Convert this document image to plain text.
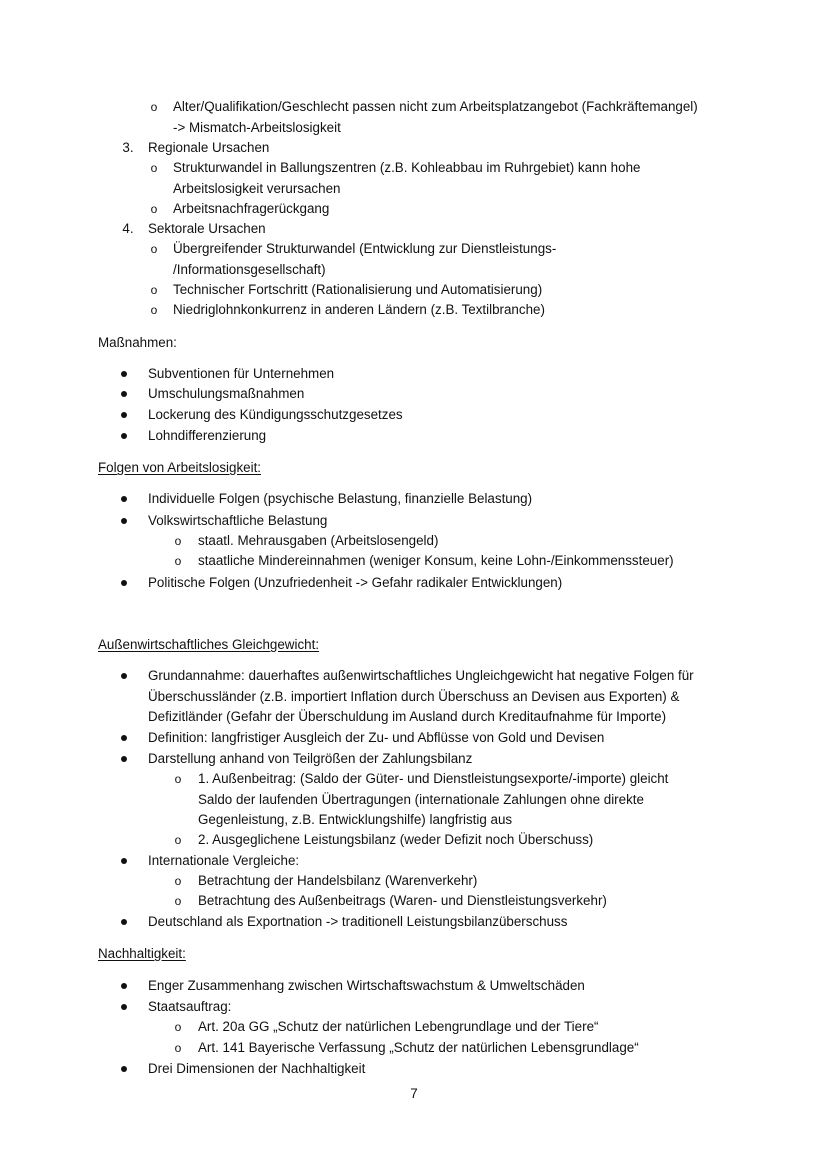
o Alter/Qualifikation/Geschlecht passen nicht zum Arbeitsplatzangebot (Fachkräftemangel)
-> Mismatch-Arbeitslosigkeit
3. Regionale Ursachen
o Strukturwandel in Ballungszentren (z.B. Kohleabbau im Ruhrgebiet) kann hohe
Arbeitslosigkeit verursachen
o Arbeitsnachfragerückgang
4. Sektorale Ursachen
o Übergreifender Strukturwandel (Entwicklung zur Dienstleistungs-
/Informationsgesellschaft)
o Technischer Fortschritt (Rationalisierung und Automatisierung)
o Niedriglohnkonkurrenz in anderen Ländern (z.B. Textilbranche)
Maßnahmen:
Subventionen für Unternehmen
Umschulungsmaßnahmen
Lockerung des Kündigungsschutzgesetzes
Lohndifferenzierung
Folgen von Arbeitslosigkeit:
Individuelle Folgen (psychische Belastung, finanzielle Belastung)
Volkswirtschaftliche Belastung
o staatl. Mehrausgaben (Arbeitslosengeld)
o staatliche Mindereinnahmen (weniger Konsum, keine Lohn-/Einkommenssteuer)
Politische Folgen (Unzufriedenheit -> Gefahr radikaler Entwicklungen)
Außenwirtschaftliches Gleichgewicht:
Grundannahme: dauerhaftes außenwirtschaftliches Ungleichgewicht hat negative Folgen für
Überschussländer (z.B. importiert Inflation durch Überschuss an Devisen aus Exporten) &
Defizitländer (Gefahr der Überschuldung im Ausland durch Kreditaufnahme für Importe)
Definition: langfristiger Ausgleich der Zu- und Abflüsse von Gold und Devisen
Darstellung anhand von Teilgrößen der Zahlungsbilanz
o 1. Außenbeitrag: (Saldo der Güter- und Dienstleistungsexporte/-importe) gleicht
Saldo der laufenden Übertragungen (internationale Zahlungen ohne direkte
Gegenleistung, z.B. Entwicklungshilfe) langfristig aus
o 2. Ausgeglichene Leistungsbilanz (weder Defizit noch Überschuss)
Internationale Vergleiche:
o Betrachtung der Handelsbilanz (Warenverkehr)
o Betrachtung des Außenbeitrags (Waren- und Dienstleistungsverkehr)
Deutschland als Exportnation -> traditionell Leistungsbilanzüberschuss
Nachhaltigkeit:
Enger Zusammenhang zwischen Wirtschaftswachstum & Umweltschäden
Staatsauftrag:
o Art. 20a GG „Schutz der natürlichen Lebengrundlage und der Tiere“
o Art. 141 Bayerische Verfassung „Schutz der natürlichen Lebensgrundlage“
Drei Dimensionen der Nachhaltigkeit
7
